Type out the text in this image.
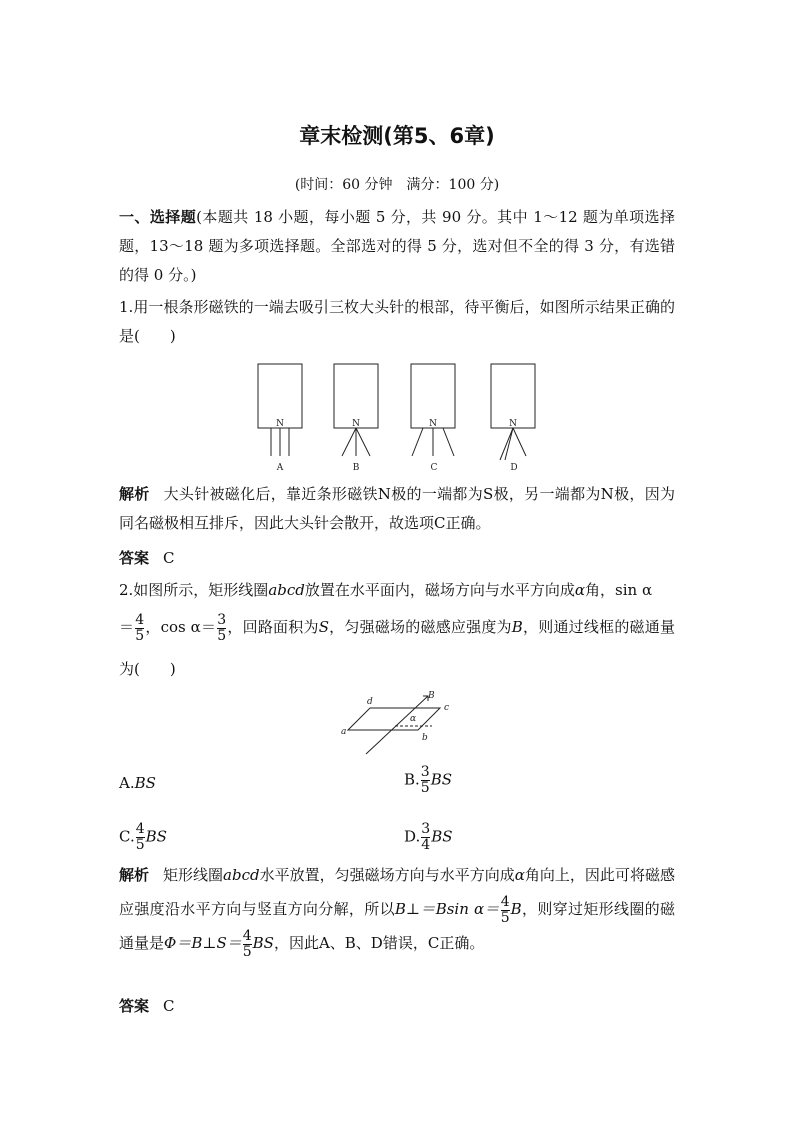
章末检测(第5、6章)
(时间：60 分钟　满分：100 分)

一、选择题(本题共 18 小题，每小题 5 分，共 90 分。其中 1～12 题为单项选择题，13～18 题为多项选择题。全部选对的得 5 分，选对但不全的得 3 分，有选错的得 0 分。)

1.用一根条形磁铁的一端去吸引三枚大头针的根部，待平衡后，如图所示结果正确的是(　　)

N	N	N	N
A	B	C	D

解析 大头针被磁化后，靠近条形磁铁N极的一端都为S极，另一端都为N极，因为同名磁极相互排斥，因此大头针会散开，故选项C正确。

答案 C

2.如图所示，矩形线圈abcd放置在水平面内，磁场方向与水平方向成α角，sin α

＝ $\frac{4}{5}$ ，$\cos \alpha= \frac{3}{5}$ ，回路面积为S，匀强磁场的磁感应强度为B，则通过线框的磁通量为(　　)
a
b
c
d
B
α
A.BS	B. $\frac{3}{5}$ BS
C. $\frac{4}{5}$ BS	D. $\frac{3}{4}$ BS
解析 矩形线圈abcd水平放置，匀强磁场方向与水平方向成α角向上，因此可将磁感应强度沿水平方向与竖直方向分解，所以B⊥＝Bsin $\alpha= \frac{4}{5}$ B，则穿过矩形线圈的磁通量是Φ＝B⊥S＝ $\frac{4}{5}$ BS，因此A、B、D错误，C正确。

答案 C
